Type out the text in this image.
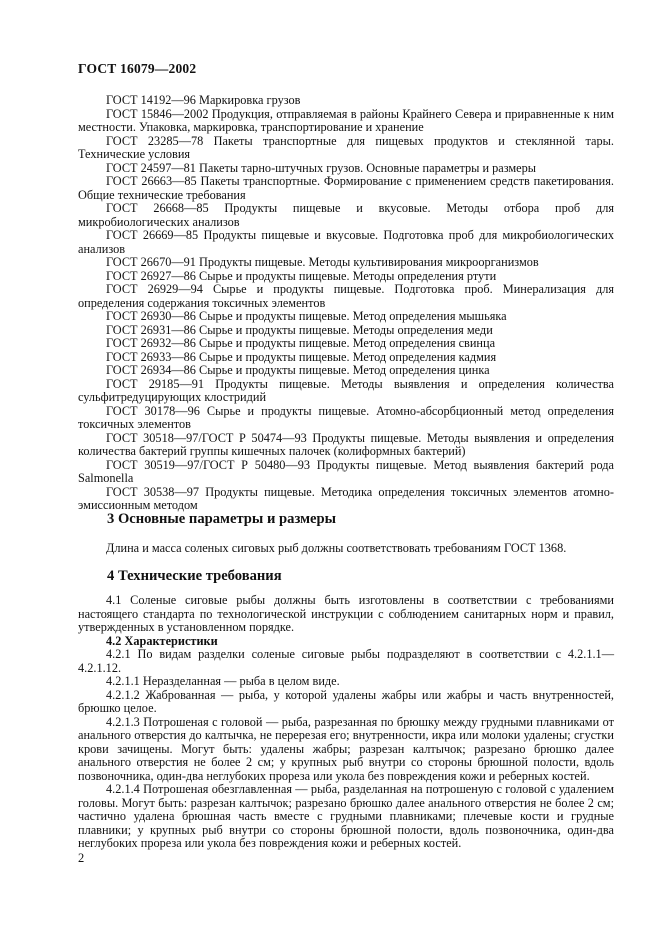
ГОСТ 16079—2002

ГОСТ 14192—96 Маркировка грузов

ГОСТ 15846—2002 Продукция, отправляемая в районы Крайнего Севера и приравненные к ним местности. Упаковка, маркировка, транспортирование и хранение

ГОСТ 23285—78 Пакеты транспортные для пищевых продуктов и стеклянной тары. Технические условия

ГОСТ 24597—81 Пакеты тарно-штучных грузов. Основные параметры и размеры

ГОСТ 26663—85 Пакеты транспортные. Формирование с применением средств пакетирования. Общие технические требования

ГОСТ 26668—85 Продукты пищевые и вкусовые. Методы отбора проб для микробиологических анализов

ГОСТ 26669—85 Продукты пищевые и вкусовые. Подготовка проб для микробиологических анализов

ГОСТ 26670—91 Продукты пищевые. Методы культивирования микроорганизмов

ГОСТ 26927—86 Сырье и продукты пищевые. Методы определения ртути

ГОСТ 26929—94 Сырье и продукты пищевые. Подготовка проб. Минерализация для определения содержания токсичных элементов

ГОСТ 26930—86 Сырье и продукты пищевые. Метод определения мышьяка

ГОСТ 26931—86 Сырье и продукты пищевые. Методы определения меди

ГОСТ 26932—86 Сырье и продукты пищевые. Метод определения свинца

ГОСТ 26933—86 Сырье и продукты пищевые. Метод определения кадмия

ГОСТ 26934—86 Сырье и продукты пищевые. Метод определения цинка

ГОСТ 29185—91 Продукты пищевые. Методы выявления и определения количества сульфитредуцирующих клостридий

ГОСТ 30178—96 Сырье и продукты пищевые. Атомно-абсорбционный метод определения токсичных элементов

ГОСТ 30518—97/ГОСТ Р 50474—93 Продукты пищевые. Методы выявления и определения количества бактерий группы кишечных палочек (колиформных бактерий)

ГОСТ 30519—97/ГОСТ Р 50480—93 Продукты пищевые. Метод выявления бактерий рода Salmonella

ГОСТ 30538—97 Продукты пищевые. Методика определения токсичных элементов атомно-эмиссионным методом

3 Основные параметры и размеры

Длина и масса соленых сиговых рыб должны соответствовать требованиям ГОСТ 1368.

4 Технические требования

4.1 Соленые сиговые рыбы должны быть изготовлены в соответствии с требованиями настоящего стандарта по технологической инструкции с соблюдением санитарных норм и правил, утвержденных в установленном порядке.

4.2 Характеристики

4.2.1 По видам разделки соленые сиговые рыбы подразделяют в соответствии с 4.2.1.1—4.2.1.12.

4.2.1.1 Неразделанная — рыба в целом виде.

4.2.1.2 Жаброванная — рыба, у которой удалены жабры или жабры и часть внутренностей, брюшко целое.

4.2.1.3 Потрошеная с головой — рыба, разрезанная по брюшку между грудными плавниками от анального отверстия до калтычка, не перерезая его; внутренности, икра или молоки удалены; сгустки крови зачищены. Могут быть: удалены жабры; разрезан калтычок; разрезано брюшко далее анального отверстия не более 2 см; у крупных рыб внутри со стороны брюшной полости, вдоль позвоночника, один-два неглубоких прореза или укола без повреждения кожи и реберных костей.

4.2.1.4 Потрошеная обезглавленная — рыба, разделанная на потрошеную с головой с удалением головы. Могут быть: разрезан калтычок; разрезано брюшко далее анального отверстия не более 2 см; частично удалена брюшная часть вместе с грудными плавниками; плечевые кости и грудные плавники; у крупных рыб внутри со стороны брюшной полости, вдоль позвоночника, один-два неглубоких прореза или укола без повреждения кожи и реберных костей.

2
